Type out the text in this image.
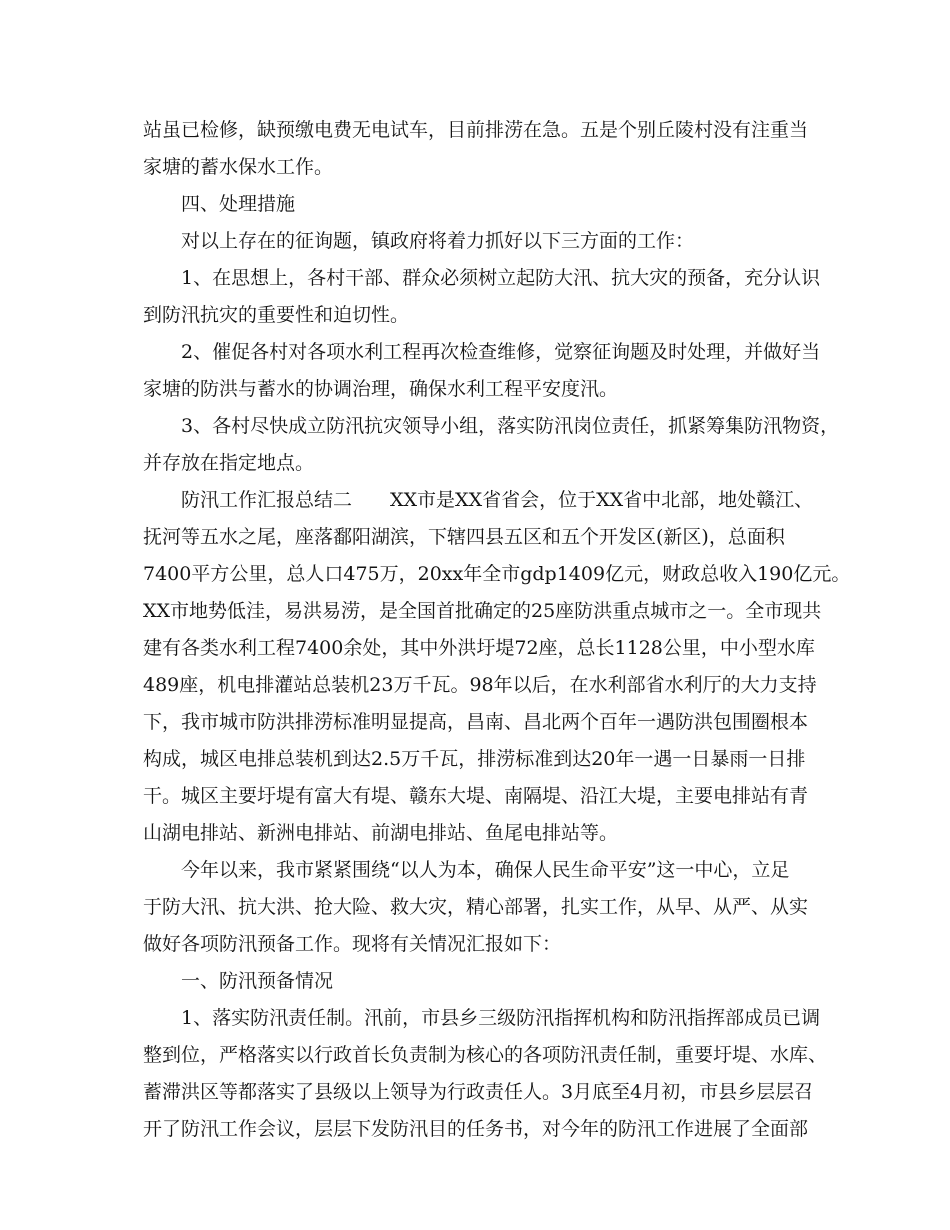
站虽已检修，缺预缴电费无电试车，目前排涝在急。五是个别丘陵村没有注重当
家塘的蓄水保水工作。
四、处理措施
对以上存在的征询题，镇政府将着力抓好以下三方面的工作：
1、在思想上，各村干部、群众必须树立起防大汛、抗大灾的预备，充分认识
到防汛抗灾的重要性和迫切性。
2、催促各村对各项水利工程再次检查维修，觉察征询题及时处理，并做好当
家塘的防洪与蓄水的协调治理，确保水利工程平安度汛。
3、各村尽快成立防汛抗灾领导小组，落实防汛岗位责任，抓紧筹集防汛物资，
并存放在指定地点。
防汛工作汇报总结二　　XX市是XX省省会，位于XX省中北部，地处赣江、
抚河等五水之尾，座落鄱阳湖滨，下辖四县五区和五个开发区(新区)，总面积
7400平方公里，总人口475万，20xx年全市gdp1409亿元，财政总收入190亿元。
XX市地势低洼，易洪易涝，是全国首批确定的25座防洪重点城市之一。全市现共
建有各类水利工程7400余处，其中外洪圩堤72座，总长1128公里，中小型水库
489座，机电排灌站总装机23万千瓦。98年以后，在水利部省水利厅的大力支持
下，我市城市防洪排涝标准明显提高，昌南、昌北两个百年一遇防洪包围圈根本
构成，城区电排总装机到达2.5万千瓦，排涝标准到达20年一遇一日暴雨一日排
干。城区主要圩堤有富大有堤、赣东大堤、南隔堤、沿江大堤，主要电排站有青
山湖电排站、新洲电排站、前湖电排站、鱼尾电排站等。
今年以来，我市紧紧围绕“以人为本，确保人民生命平安”这一中心，立足
于防大汛、抗大洪、抢大险、救大灾，精心部署，扎实工作，从早、从严、从实
做好各项防汛预备工作。现将有关情况汇报如下：
一、防汛预备情况
1、落实防汛责任制。汛前，市县乡三级防汛指挥机构和防汛指挥部成员已调
整到位，严格落实以行政首长负责制为核心的各项防汛责任制，重要圩堤、水库、
蓄滞洪区等都落实了县级以上领导为行政责任人。3月底至4月初，市县乡层层召
开了防汛工作会议，层层下发防汛目的任务书，对今年的防汛工作进展了全面部
